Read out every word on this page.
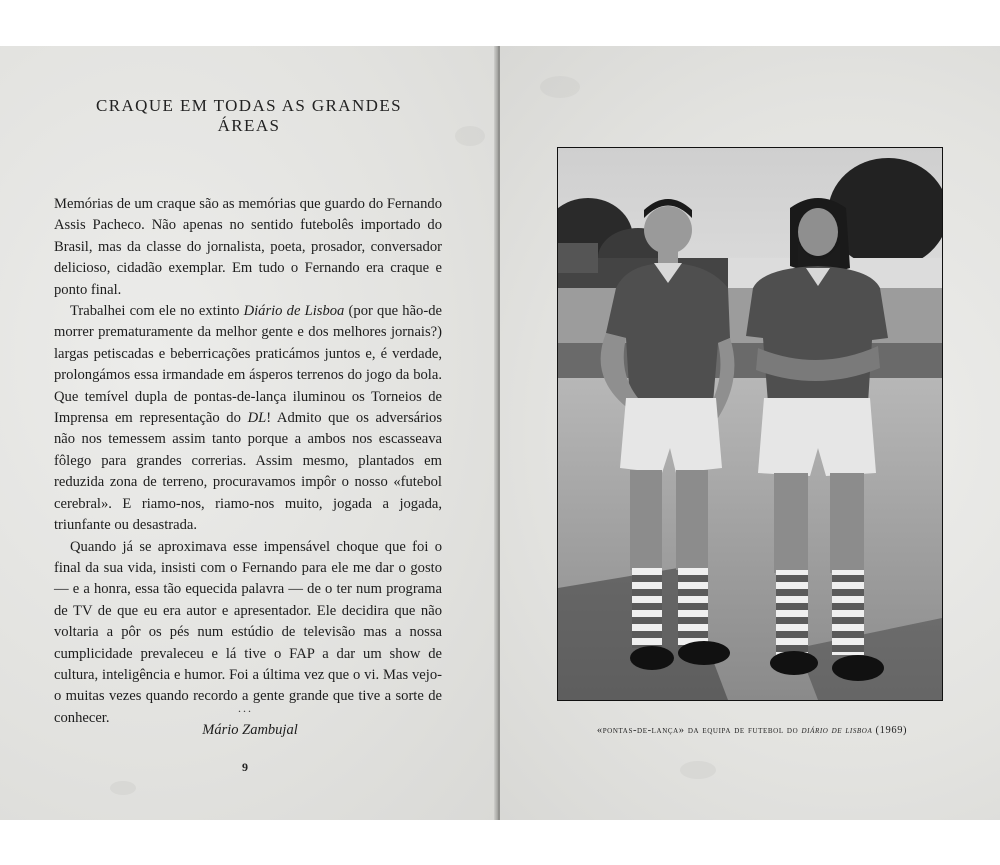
CRAQUE EM TODAS AS GRANDES ÁREAS

Memórias de um craque são as memórias que guardo do Fernando Assis Pacheco. Não apenas no sentido futebolês importado do Brasil, mas da classe do jornalista, poeta, prosador, conversador delicioso, cidadão exemplar. Em tudo o Fernando era craque e ponto final.

Trabalhei com ele no extinto Diário de Lisboa (por que hão-de morrer prematuramente da melhor gente e dos melhores jornais?) largas petiscadas e beberricações praticámos juntos e, é verdade, prolongámos essa irmandade em ásperos terrenos do jogo da bola. Que temível dupla de pontas-de-lança iluminou os Torneios de Imprensa em representação do DL! Admito que os adversários não nos temessem assim tanto porque a ambos nos escasseava fôlego para grandes correrias. Assim mesmo, plantados em reduzida zona de terreno, procuravamos impôr o nosso «futebol cerebral». E riamo-nos, riamo-nos muito, jogada a jogada, triunfante ou desastrada.

Quando já se aproximava esse impensável choque que foi o final da sua vida, insisti com o Fernando para ele me dar o gosto — e a honra, essa tão equecida palavra — de o ter num programa de TV de que eu era autor e apresentador. Ele decidira que não voltaria a pôr os pés num estúdio de televisão mas a nossa cumplicidade prevaleceu e lá tive o FAP a dar um show de cultura, inteligência e humor. Foi a última vez que o vi. Mas vejo-o muitas vezes quando recordo a gente grande que tive a sorte de conhecer.

...
Mário Zambujal
9
«pontas-de-lança» da equipa de futebol do diário de lisboa (1969)
